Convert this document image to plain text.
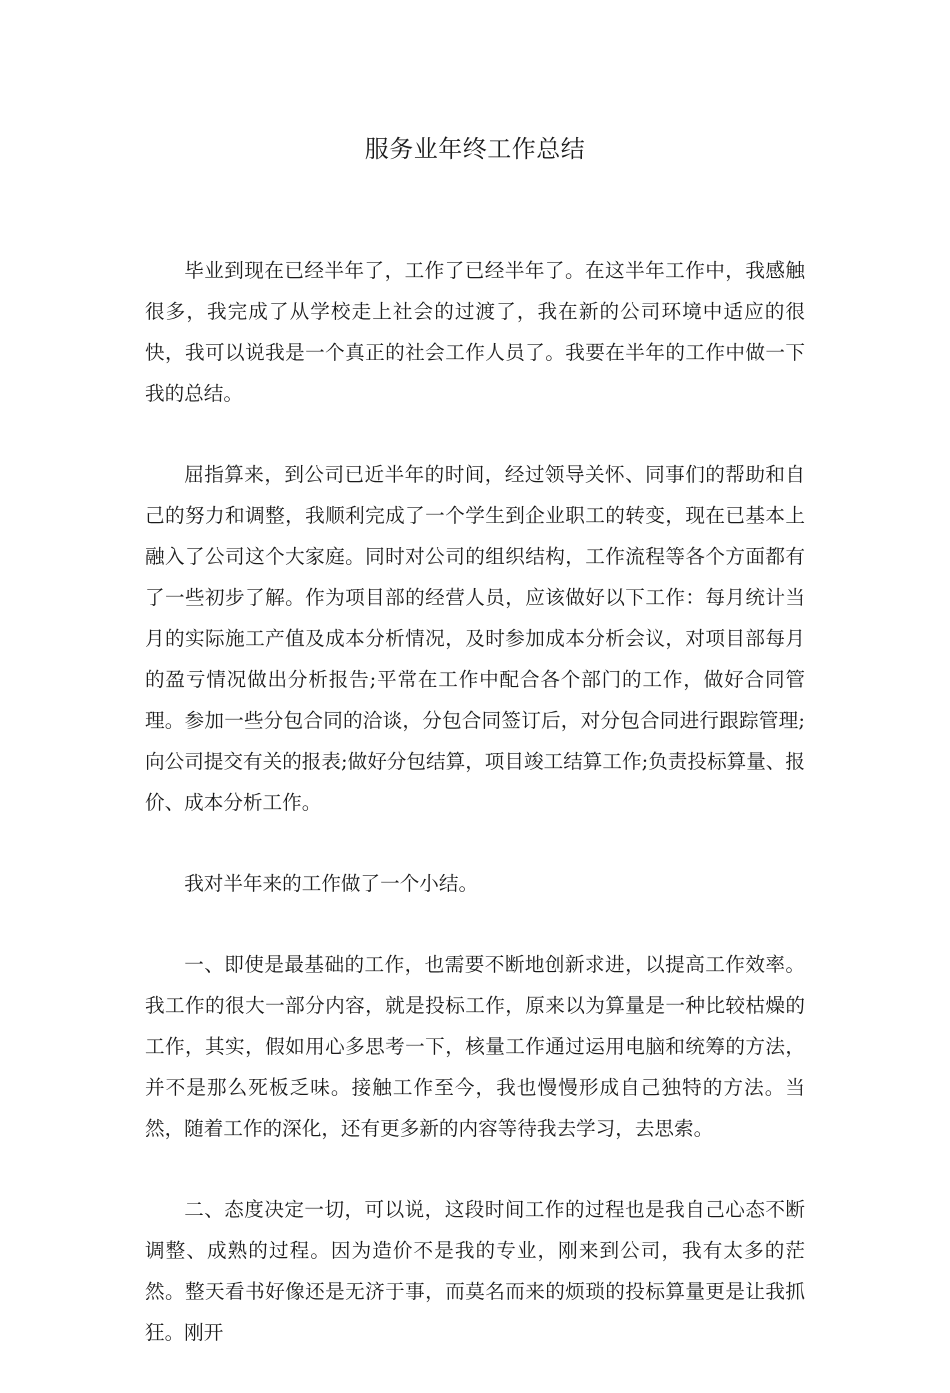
服务业年终工作总结

毕业到现在已经半年了，工作了已经半年了。在这半年工作中，我感触很多，我完成了从学校走上社会的过渡了，我在新的公司环境中适应的很快，我可以说我是一个真正的社会工作人员了。我要在半年的工作中做一下我的总结。

屈指算来，到公司已近半年的时间，经过领导关怀、同事们的帮助和自己的努力和调整，我顺利完成了一个学生到企业职工的转变，现在已基本上融入了公司这个大家庭。同时对公司的组织结构，工作流程等各个方面都有了一些初步了解。作为项目部的经营人员，应该做好以下工作：每月统计当月的实际施工产值及成本分析情况，及时参加成本分析会议，对项目部每月的盈亏情况做出分析报告;平常在工作中配合各个部门的工作，做好合同管理。参加一些分包合同的洽谈，分包合同签订后，对分包合同进行跟踪管理;向公司提交有关的报表;做好分包结算，项目竣工结算工作;负责投标算量、报价、成本分析工作。

我对半年来的工作做了一个小结。

一、即使是最基础的工作，也需要不断地创新求进，以提高工作效率。我工作的很大一部分内容，就是投标工作，原来以为算量是一种比较枯燥的工作，其实，假如用心多思考一下，核量工作通过运用电脑和统筹的方法，并不是那么死板乏味。接触工作至今，我也慢慢形成自己独特的方法。当然，随着工作的深化，还有更多新的内容等待我去学习，去思索。

二、态度决定一切，可以说，这段时间工作的过程也是我自己心态不断调整、成熟的过程。因为造价不是我的专业，刚来到公司，我有太多的茫然。整天看书好像还是无济于事，而莫名而来的烦琐的投标算量更是让我抓狂。刚开
